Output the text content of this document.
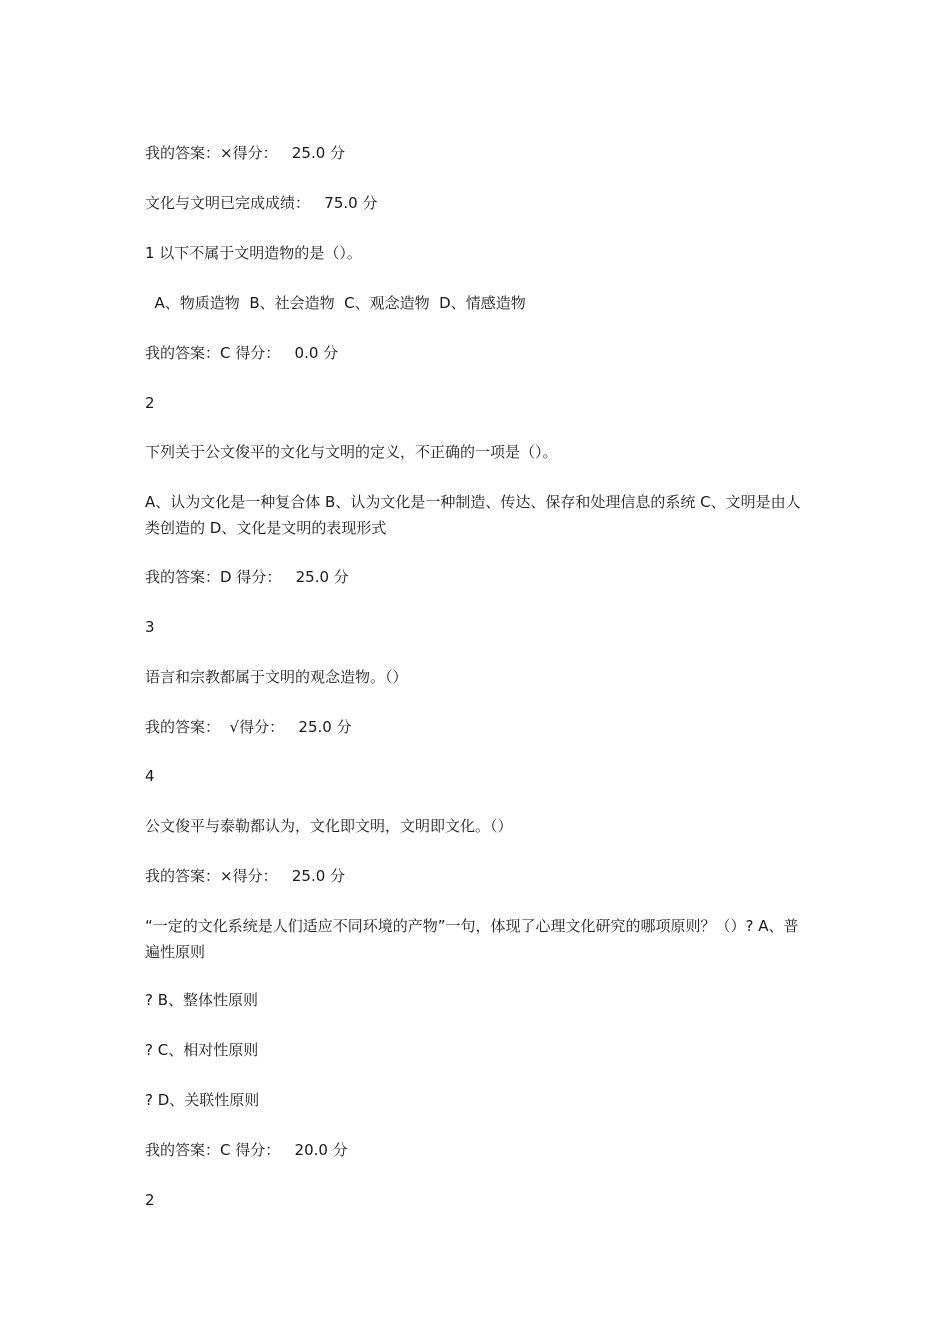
我的答案：×得分：   25.0 分
文化与文明已完成成绩：   75.0 分
1 以下不属于文明造物的是（）。
A、物质造物  B、社会造物  C、观念造物  D、情感造物
我的答案：C 得分：   0.0 分
2
下列关于公文俊平的文化与文明的定义，不正确的一项是（）。
A、认为文化是一种复合体 B、认为文化是一种制造、传达、保存和处理信息的系统 C、文明是由人类创造的 D、文化是文明的表现形式
我的答案：D 得分：   25.0 分
3
语言和宗教都属于文明的观念造物。（）
我的答案：  √得分：   25.0 分
4
公文俊平与泰勒都认为，文化即文明，文明即文化。（）
我的答案：×得分：   25.0 分
“一定的文化系统是人们适应不同环境的产物”一句，体现了心理文化研究的哪项原则？（）? A、普遍性原则
? B、整体性原则
? C、相对性原则
? D、关联性原则
我的答案：C 得分：   20.0 分
2
